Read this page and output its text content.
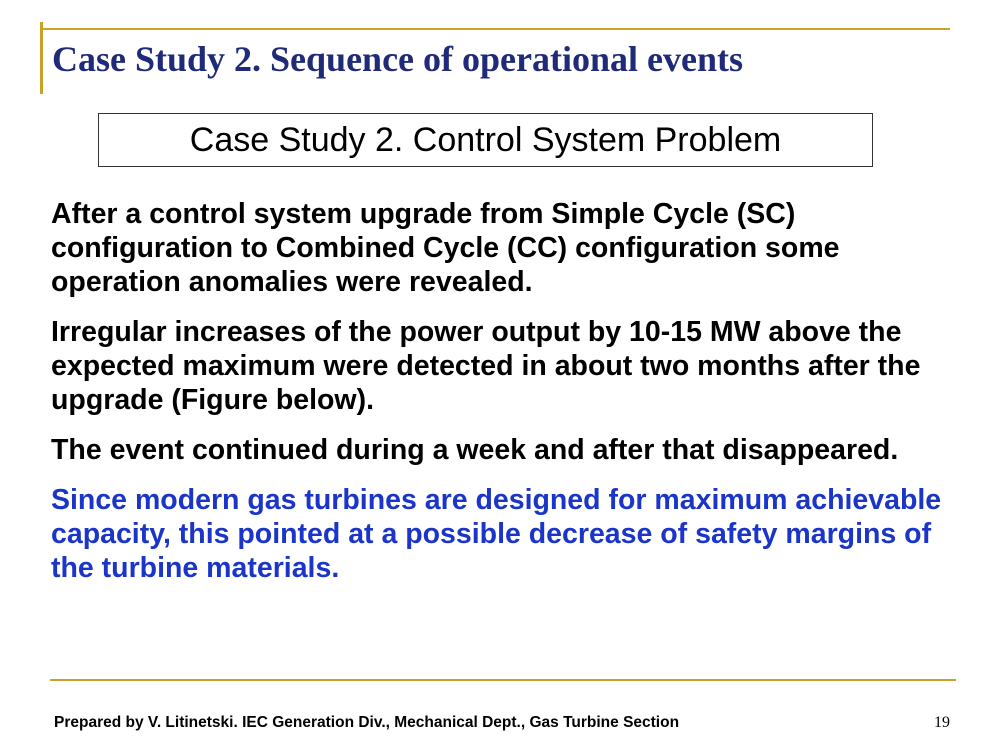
Case Study 2. Sequence of operational events
Case Study 2. Control System Problem

After a control system upgrade from Simple Cycle (SC) configuration to Combined Cycle (CC) configuration some operation anomalies were revealed.

Irregular increases of the power output by 10-15 MW above the expected maximum were detected in about two months after the upgrade (Figure below).

The event continued during a week and after that disappeared.

Since modern gas turbines are designed for maximum achievable capacity, this pointed at a possible decrease of safety margins of the turbine materials.

Prepared by V. Litinetski. IEC Generation Div., Mechanical Dept., Gas Turbine Section	19
